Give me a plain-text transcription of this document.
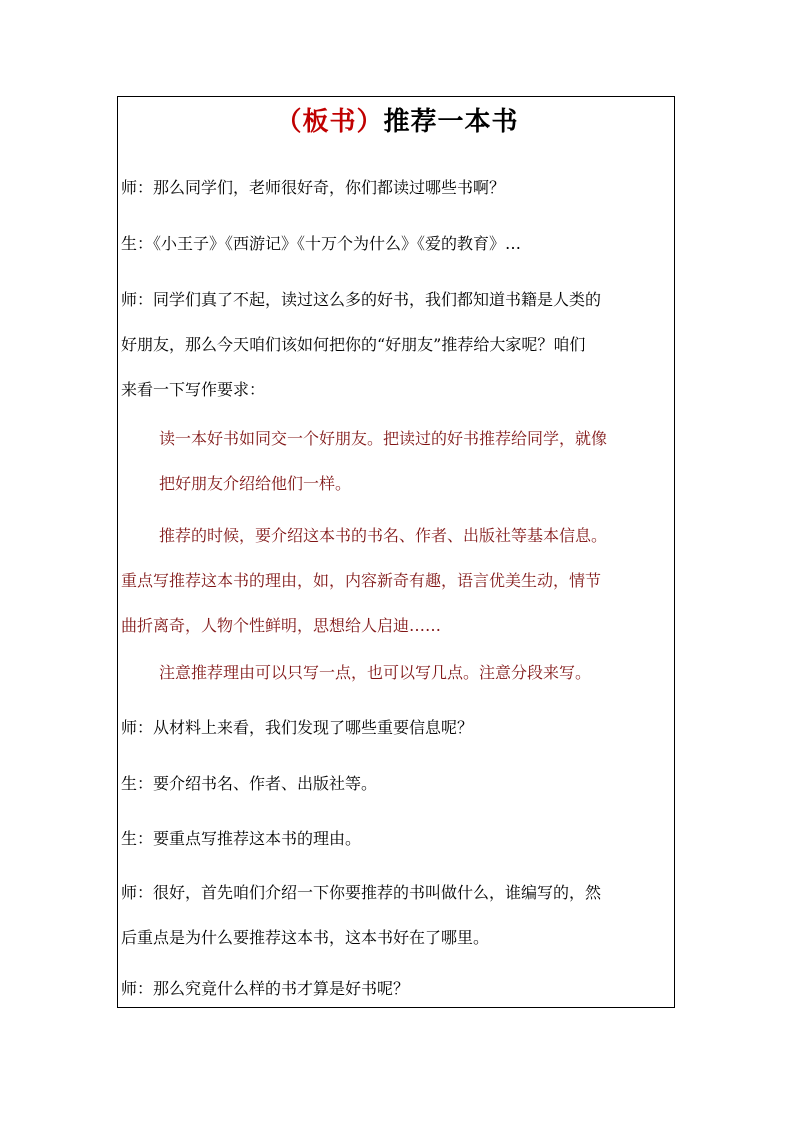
（板书）推荐一本书

师：那么同学们，老师很好奇，你们都读过哪些书啊？

生：《小王子》《西游记》《十万个为什么》《爱的教育》…

师：同学们真了不起，读过这么多的好书，我们都知道书籍是人类的
好朋友，那么今天咱们该如何把你的“好朋友”推荐给大家呢？咱们
来看一下写作要求：

读一本好书如同交一个好朋友。把读过的好书推荐给同学，就像
把好朋友介绍给他们一样。

推荐的时候，要介绍这本书的书名、作者、出版社等基本信息。
重点写推荐这本书的理由，如，内容新奇有趣，语言优美生动，情节
曲折离奇，人物个性鲜明，思想给人启迪……

注意推荐理由可以只写一点，也可以写几点。注意分段来写。

师：从材料上来看，我们发现了哪些重要信息呢？

生：要介绍书名、作者、出版社等。

生：要重点写推荐这本书的理由。

师：很好，首先咱们介绍一下你要推荐的书叫做什么，谁编写的，然
后重点是为什么要推荐这本书，这本书好在了哪里。

师：那么究竟什么样的书才算是好书呢？
